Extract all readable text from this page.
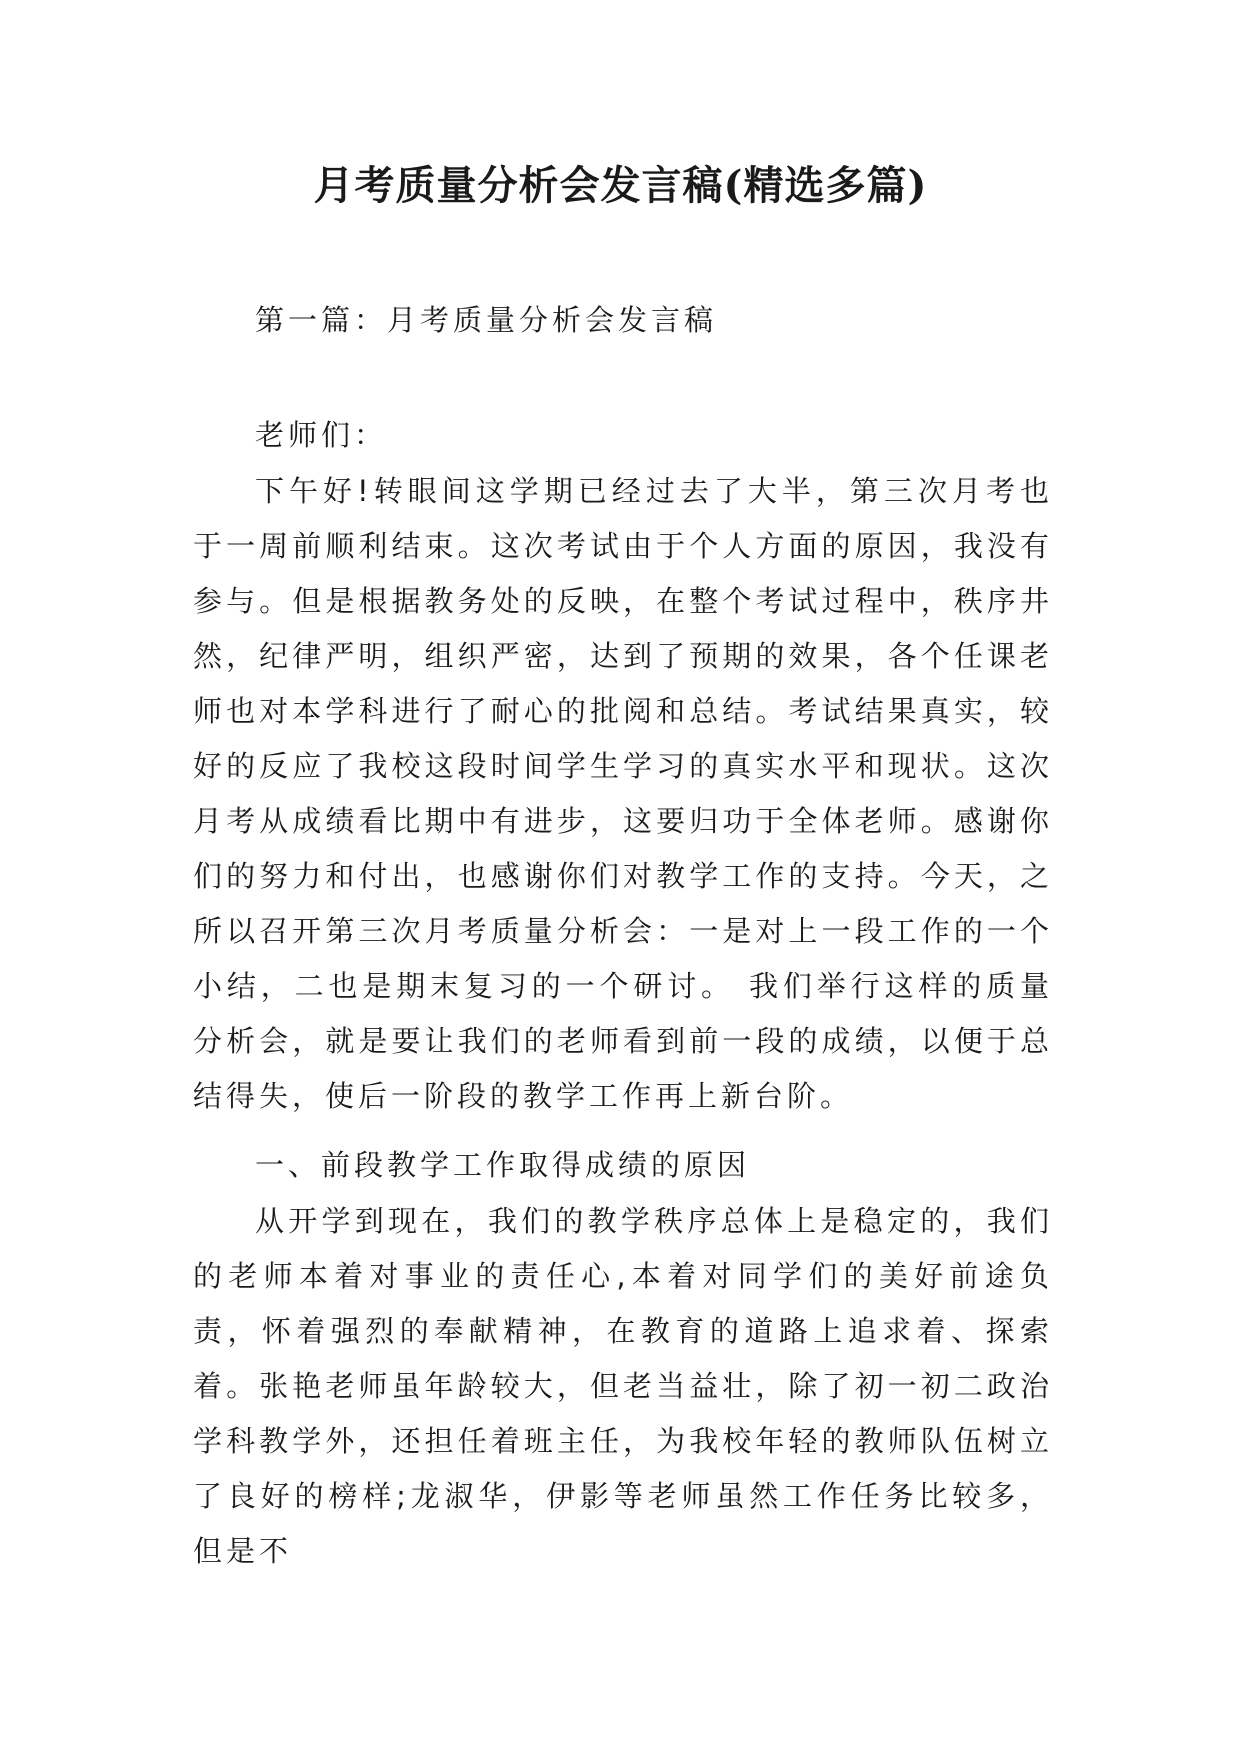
月考质量分析会发言稿(精选多篇)

第一篇：月考质量分析会发言稿

老师们：

下午好!转眼间这学期已经过去了大半，第三次月考也于一周前顺利结束。这次考试由于个人方面的原因，我没有参与。但是根据教务处的反映，在整个考试过程中，秩序井然，纪律严明，组织严密，达到了预期的效果，各个任课老师也对本学科进行了耐心的批阅和总结。考试结果真实，较好的反应了我校这段时间学生学习的真实水平和现状。这次月考从成绩看比期中有进步，这要归功于全体老师。感谢你们的努力和付出，也感谢你们对教学工作的支持。今天，之所以召开第三次月考质量分析会：一是对上一段工作的一个小结，二也是期末复习的一个研讨。 我们举行这样的质量分析会，就是要让我们的老师看到前一段的成绩，以便于总结得失，使后一阶段的教学工作再上新台阶。

一、前段教学工作取得成绩的原因

从开学到现在，我们的教学秩序总体上是稳定的，我们的老师本着对事业的责任心,本着对同学们的美好前途负责，怀着强烈的奉献精神，在教育的道路上追求着、探索着。张艳老师虽年龄较大，但老当益壮，除了初一初二政治学科教学外，还担任着班主任，为我校年轻的教师队伍树立了良好的榜样;龙淑华，伊影等老师虽然工作任务比较多，但是不
